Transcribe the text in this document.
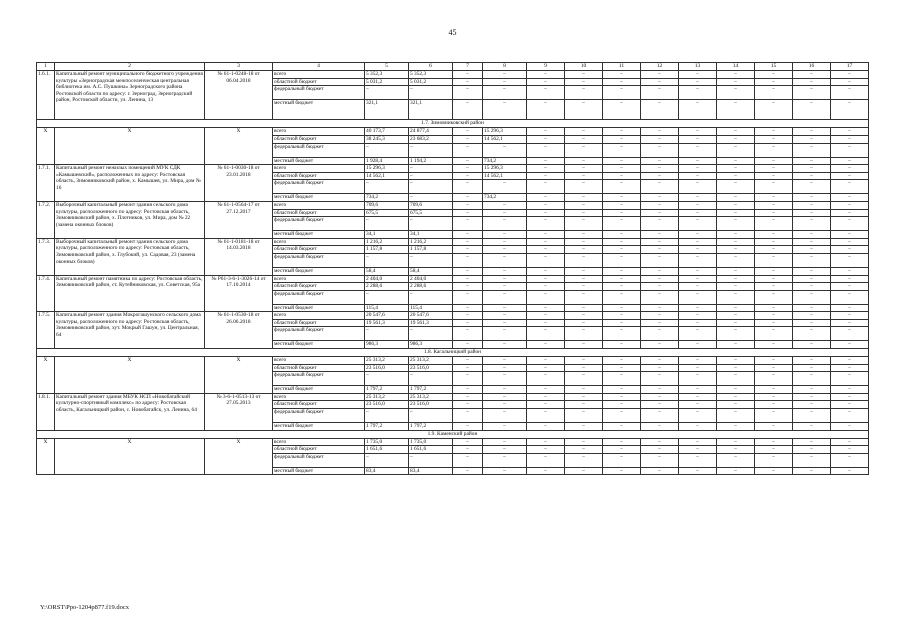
45
1	2	3	4	5	6	7	8	9	10	11	12	13	14	15	16	17
1.6.1.	Капитальный ремонт муниципального бюджетного учреждения культуры «Зерноградская межпоселенческая центральная библиотека им. А.С. Пушкина» Зерноградского района Ростовской области по адресу: г. Зерноград, Зерноградский район, Ростовской области, ул. Ленина, 13	№ 61-1-0248-18 от 06.04.2018	всего	5 352,3	5 352,3	–	–	–	–	–	–	–	–	–	–	–
			областной бюджет	5 031,2	5 031,2	–	–	–	–	–	–	–	–	–	–	–
			федеральный бюджет	–	–	–	–	–	–	–	–	–	–	–	–	–
			местный бюджет	321,1	321,1	–	–	–	–	–	–	–	–	–	–	–
1.7. Зимовниковский район																
Х	Х	Х	всего	40 173,7	24 877,4	–	15 296,3	–	–	–	–	–	–	–	–	–
			областной бюджет	38 245,3	23 683,2	–	14 562,1	–	–	–	–	–	–	–	–	–
			федеральный бюджет	–	–	–	–	–	–	–	–	–	–	–	–	–
			местный бюджет	1 928,4	1 194,2	–	734,2	–	–	–	–	–	–	–	–	–
1.7.1.	Капитальный ремонт нежилых помещений МУК СДК «Камышевский», расположенных по адресу: Ростовская область, Зимовниковский район, х. Камышев, ул. Мира, дом № 16	№ 61-1-0030-18 от 23.01.2018	всего	15 296,3	–	–	15 296,3	–	–	–	–	–	–	–	–	–
			областной бюджет	14 562,1	–	–	14 562,1	–	–	–	–	–	–	–	–	–
			федеральный бюджет	–	–	–	–	–	–	–	–	–	–	–	–	–
			местный бюджет	734,2	–	–	734,2	–	–	–	–	–	–	–	–	–
1.7.2.	Выборочный капитальный ремонт здания сельского дома культуры, расположенного по адресу: Ростовская область, Зимовниковский район, х. Плотников, ул. Мира, дом № 22 (замена оконных блоков)	№ 61-1-0564-17 от 27.12.2017	всего	709,6	709,6	–	–	–	–	–	–	–	–	–	–	–
			областной бюджет	675,5	675,5	–	–	–	–	–	–	–	–	–	–	–
			федеральный бюджет	–	–	–	–	–	–	–	–	–	–	–	–	–
			местный бюджет	34,1	34,1	–	–	–	–	–	–	–	–	–	–	–
1.7.3.	Выборочный капитальный ремонт здания сельского дома культуры, расположенного по адресу: Ростовская область, Зимовниковский район, х. Глубокий, ул. Садовая, 23 (замена оконных блоков)	№ 61-1-0181-18 от 14.03.2018	всего	1 216,2	1 216,2	–	–	–	–	–	–	–	–	–	–	–
			областной бюджет	1 157,8	1 157,8	–	–	–	–	–	–	–	–	–	–	–
			федеральный бюджет	–	–	–	–	–	–	–	–	–	–	–	–	–
			местный бюджет	58,4	58,4	–	–	–	–	–	–	–	–	–	–	–
1.7.4.	Капитальный ремонт памятника по адресу: Ростовская область, Зимовниковский район, ст. Кутейниковская, ул. Советская, 95а	№ Р61-3-6-1-3026-14 от 17.10.2014	всего	2 404,0	2 404,0	–	–	–	–	–	–	–	–	–	–	–
			областной бюджет	2 288,6	2 288,6	–	–	–	–	–	–	–	–	–	–	–
			федеральный бюджет	–	–	–	–	–	–	–	–	–	–	–	–	–
			местный бюджет	115,4	115,4	–	–	–	–	–	–	–	–	–	–	–
1.7.5.	Капитальный ремонт здания Мокрогашунского сельского дома культуры, расположенного по адресу: Ростовская область, Зимовниковский район, хут. Мокрый Гашун, ул. Центральная, 64	№ 61-1-0530-18 от 26.06.2018	всего	20 547,6	20 547,6	–	–	–	–	–	–	–	–	–	–	–
			областной бюджет	19 561,3	19 561,3	–	–	–	–	–	–	–	–	–	–	–
			федеральный бюджет	–	–	–	–	–	–	–	–	–	–	–	–	–
			местный бюджет	986,3	986,3	–	–	–	–	–	–	–	–	–	–	–
1.8. Кагальницкий район																
Х	Х	Х	всего	25 313,2	25 313,2	–	–	–	–	–	–	–	–	–	–	–
			областной бюджет	23 516,0	23 516,0	–	–	–	–	–	–	–	–	–	–	–
			федеральный бюджет	–	–	–	–	–	–	–	–	–	–	–	–	–
			местный бюджет	1 797,2	1 797,2	–	–	–	–	–	–	–	–	–	–	–
1.8.1.	Капитальный ремонт здания МБУК НСП «Новобатайский культурно-спортивный комплекс» по адресу: Ростовская область, Кагальницкий район, с. Новобатайск, ул. Ленина, 64	№ 3-6-1-0513-13 от 27.05.2013	всего	25 313,2	25 313,2	–	–	–	–	–	–	–	–	–	–	–
			областной бюджет	23 516,0	23 516,0	–	–	–	–	–	–	–	–	–	–	–
			федеральный бюджет	–	–	–	–	–	–	–	–	–	–	–	–	–
			местный бюджет	1 797,2	1 797,2	–	–	–	–	–	–	–	–	–	–	–
1.9. Каменский район																
Х	Х	Х	всего	1 735,0	1 735,0	–	–	–	–	–	–	–	–	–	–	–
			областной бюджет	1 651,6	1 651,6	–	–	–	–	–	–	–	–	–	–	–
			федеральный бюджет	–	–	–	–	–	–	–	–	–	–	–	–	–
			местный бюджет	83,4	83,4	–	–	–	–	–	–	–	–	–	–	–
Y:\ORST\Ppo-1204p877.f19.docx
